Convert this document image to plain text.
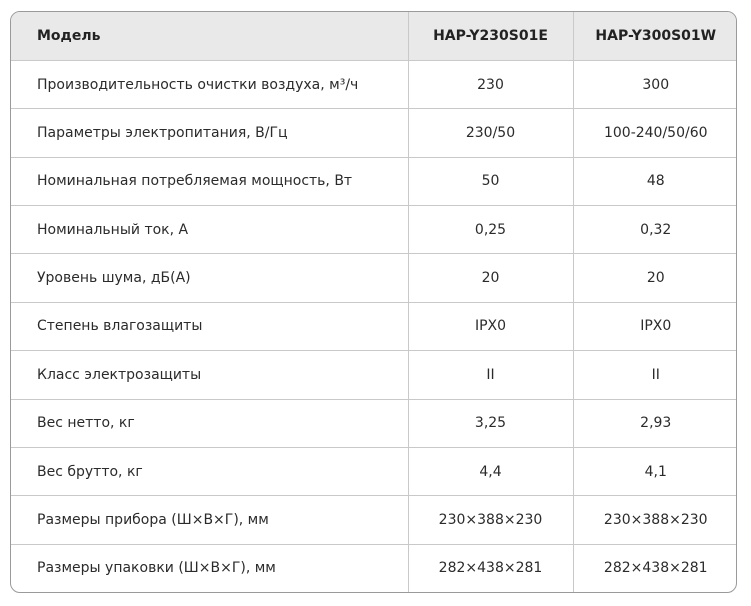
Модель	HAP-Y230S01E	HAP-Y300S01W
Производительность очистки воздуха, м³/ч	230	300
Параметры электропитания, В/Гц	230/50	100-240/50/60
Номинальная потребляемая мощность, Вт	50	48
Номинальный ток, А	0,25	0,32
Уровень шума, дБ(А)	20	20
Степень влагозащиты	IPX0	IPX0
Класс электрозащиты	II	II
Вес нетто, кг	3,25	2,93
Вес брутто, кг	4,4	4,1
Размеры прибора (Ш×В×Г), мм	230×388×230	230×388×230
Размеры упаковки (Ш×В×Г), мм	282×438×281	282×438×281
